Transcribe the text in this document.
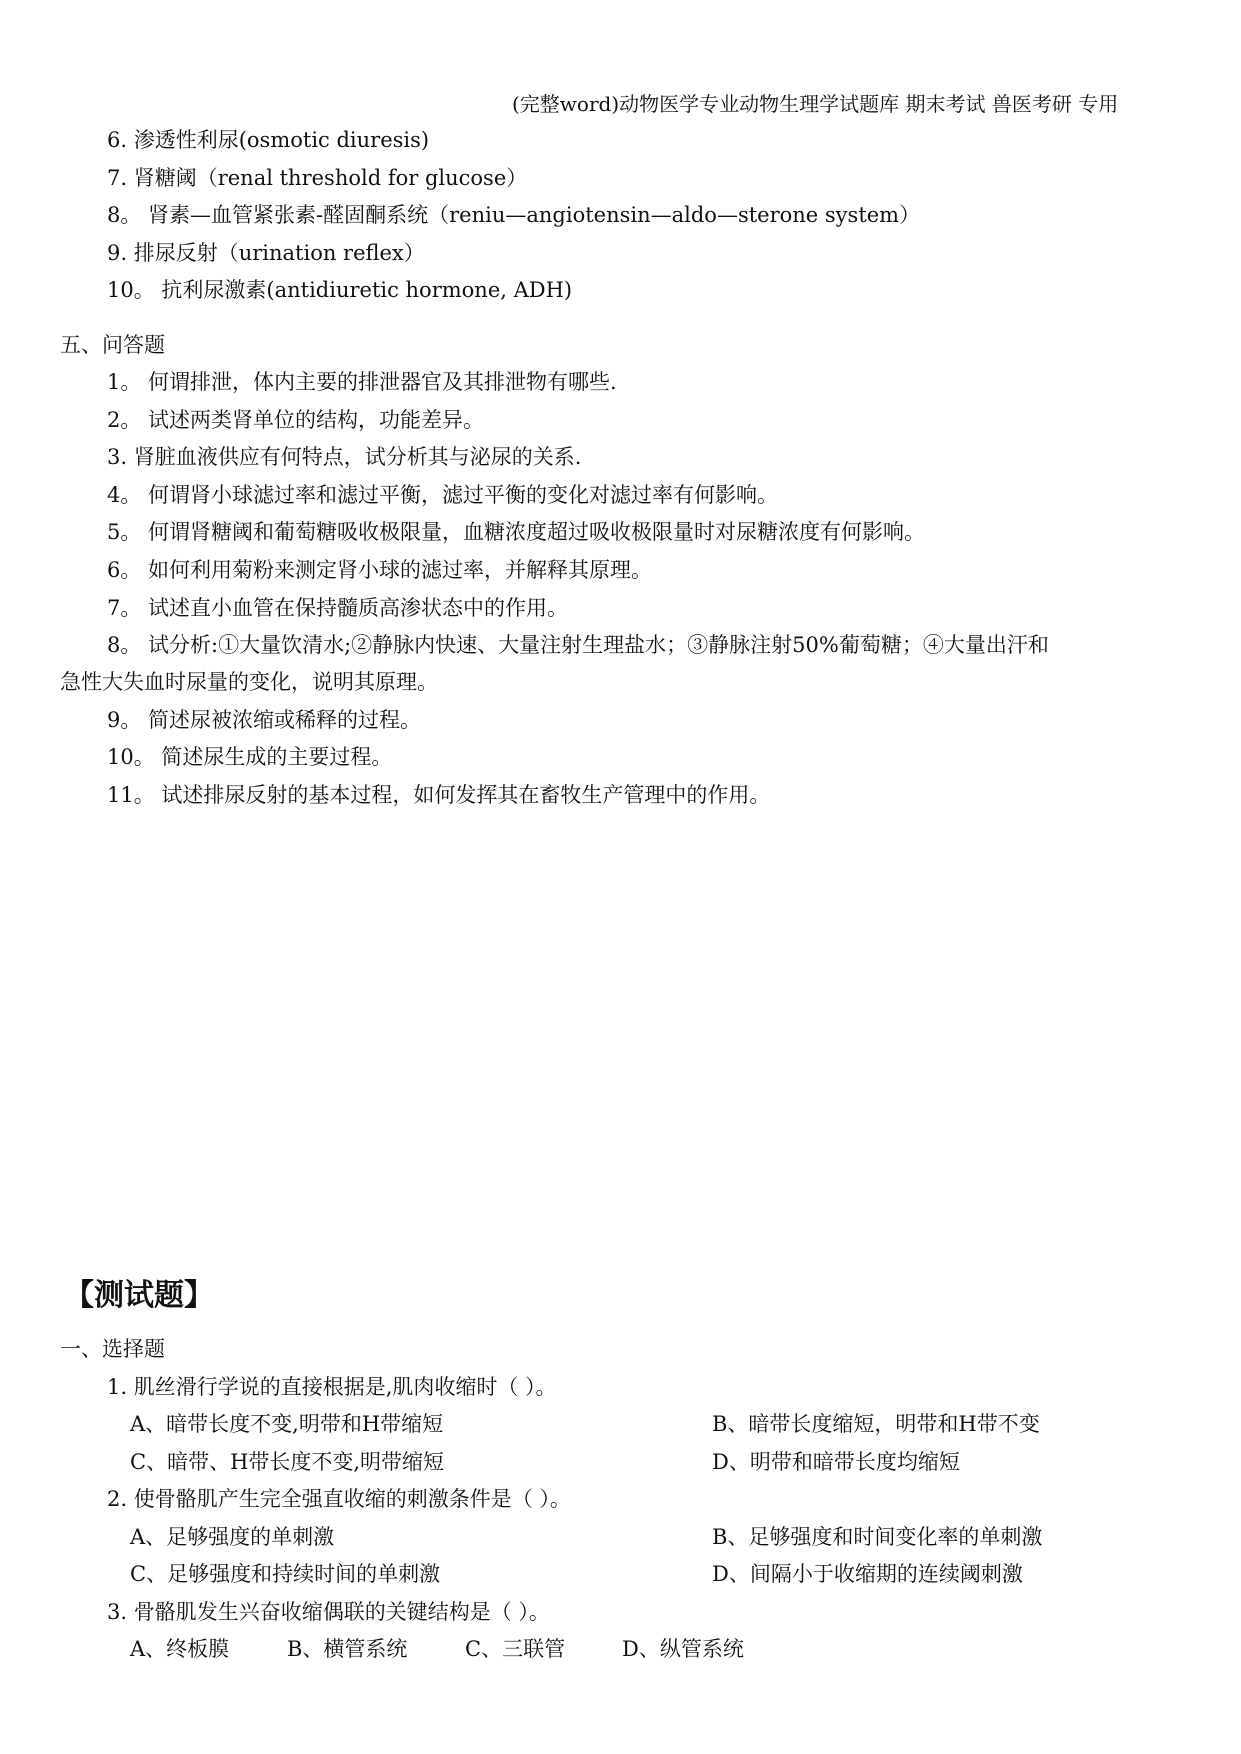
(完整word)动物医学专业动物生理学试题库 期末考试 兽医考研 专用
6. 渗透性利尿(osmotic diuresis)
7. 肾糖阈（renal threshold for glucose）
8。 肾素—血管紧张素-醛固酮系统（reniu—angiotensin—aldo—sterone system）
9. 排尿反射（urination reflex）
10。 抗利尿激素(antidiuretic hormone, ADH)
五、问答题
1。 何谓排泄，体内主要的排泄器官及其排泄物有哪些.
2。 试述两类肾单位的结构，功能差异。
3. 肾脏血液供应有何特点，试分析其与泌尿的关系.
4。 何谓肾小球滤过率和滤过平衡，滤过平衡的变化对滤过率有何影响。
5。 何谓肾糖阈和葡萄糖吸收极限量，血糖浓度超过吸收极限量时对尿糖浓度有何影响。
6。 如何利用菊粉来测定肾小球的滤过率，并解释其原理。
7。 试述直小血管在保持髓质高渗状态中的作用。
8。 试分析:①大量饮清水;②静脉内快速、大量注射生理盐水；③静脉注射50%葡萄糖；④大量出汗和
急性大失血时尿量的变化，说明其原理。
9。 简述尿被浓缩或稀释的过程。
10。 简述尿生成的主要过程。
11。 试述排尿反射的基本过程，如何发挥其在畜牧生产管理中的作用。
【测试题】
一、选择题
1. 肌丝滑行学说的直接根据是,肌肉收缩时（ ）。
A、暗带长度不变,明带和H带缩短	B、暗带长度缩短，明带和H带不变
C、暗带、H带长度不变,明带缩短	D、明带和暗带长度均缩短
2. 使骨骼肌产生完全强直收缩的刺激条件是（ ）。
A、足够强度的单刺激	B、足够强度和时间变化率的单刺激
C、足够强度和持续时间的单刺激	D、间隔小于收缩期的连续阈刺激
3. 骨骼肌发生兴奋收缩偶联的关键结构是（ ）。
A、终板膜	B、横管系统	C、三联管	D、纵管系统
